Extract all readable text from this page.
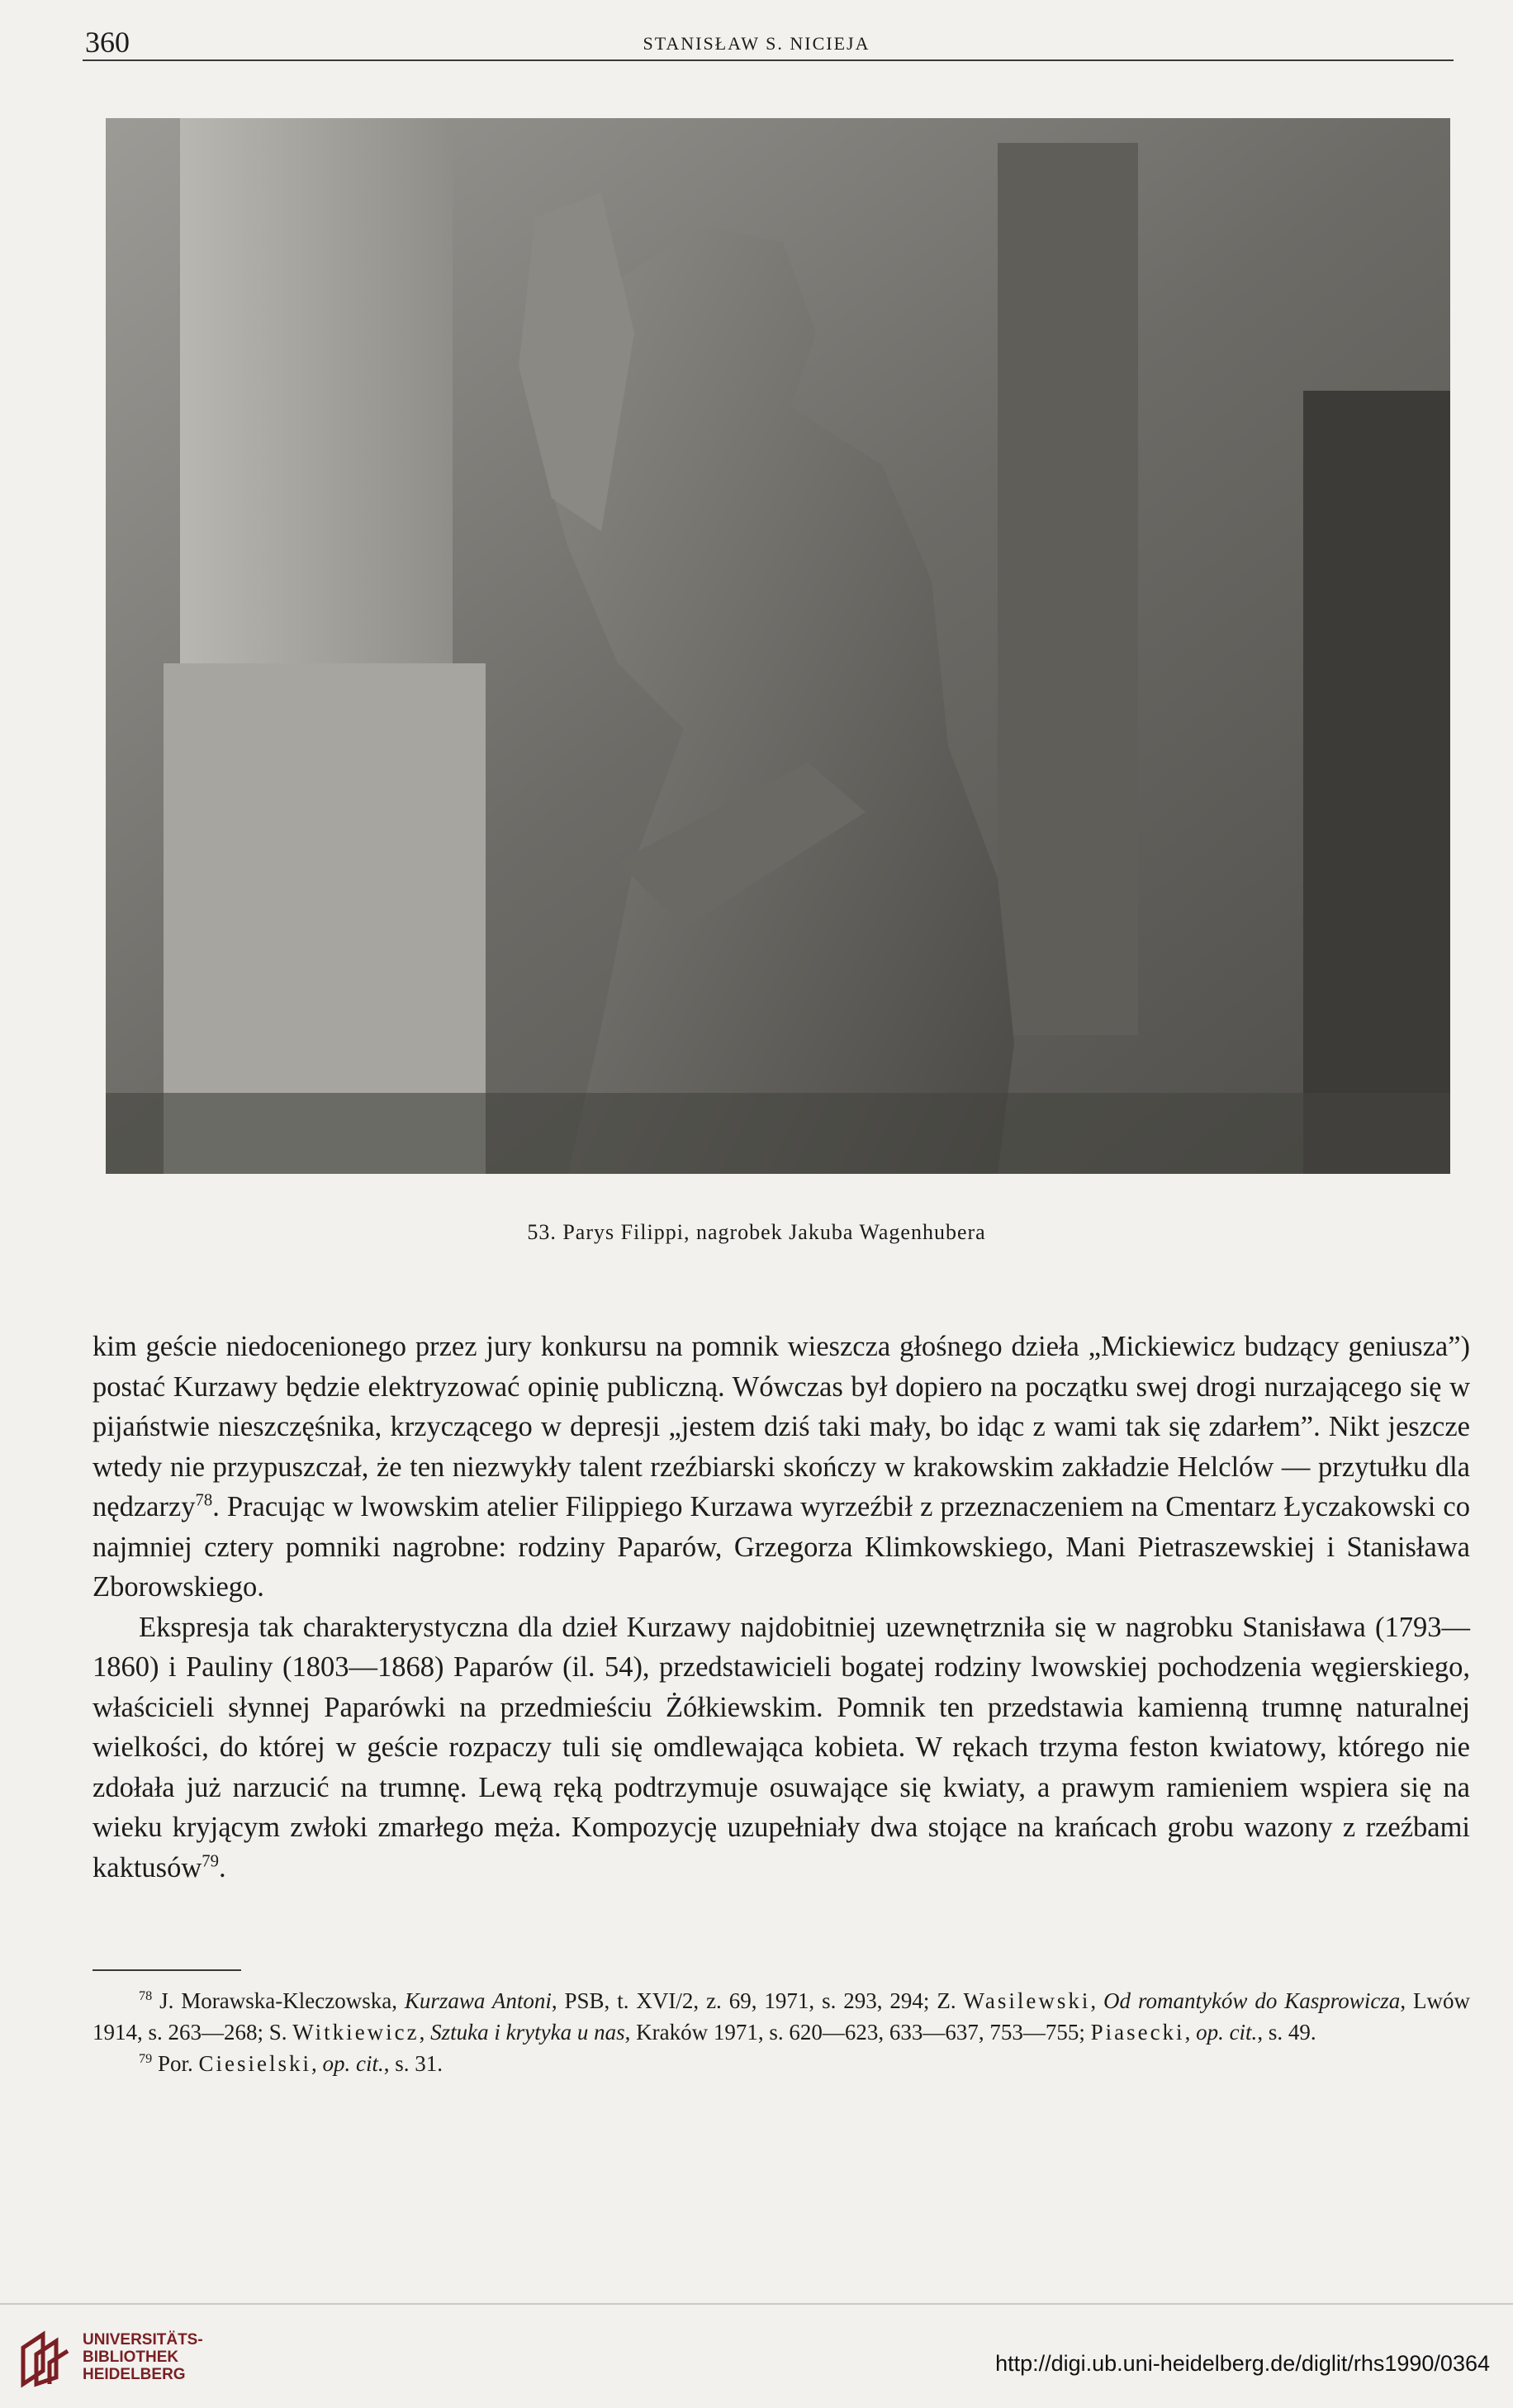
360	STANISŁAW S. NICIEJA
53. Parys Filippi, nagrobek Jakuba Wagenhubera

kim geście niedocenionego przez jury konkursu na pomnik wieszcza głośnego dzieła „Mickiewicz budzący geniusza”) postać Kurzawy będzie elektryzować opinię publiczną. Wówczas był dopiero na początku swej drogi nurzającego się w pijaństwie nieszczęśnika, krzyczącego w depresji „jestem dziś taki mały, bo idąc z wami tak się zdarłem”. Nikt jeszcze wtedy nie przypuszczał, że ten niezwykły talent rzeźbiarski skończy w krakowskim zakładzie Helclów — przytułku dla nędzarzy$^{78}$. Pracując w lwowskim atelier Filippiego Kurzawa wyrzeźbił z przeznaczeniem na Cmentarz Łyczakowski co najmniej cztery pomniki nagrobne: rodziny Paparów, Grzegorza Klimkowskiego, Mani Pietraszewskiej i Stanisława Zborowskiego.

Ekspresja tak charakterystyczna dla dzieł Kurzawy najdobitniej uzewnętrzniła się w nagrobku Stanisława (1793—1860) i Pauliny (1803—1868) Paparów (il. 54), przedstawicieli bogatej rodziny lwowskiej pochodzenia węgierskiego, właścicieli słynnej Paparówki na przedmieściu Żółkiewskim. Pomnik ten przedstawia kamienną trumnę naturalnej wielkości, do której w geście rozpaczy tuli się omdlewająca kobieta. W rękach trzyma feston kwiatowy, którego nie zdołała już narzucić na trumnę. Lewą ręką podtrzymuje osuwające się kwiaty, a prawym ramieniem wspiera się na wieku kryjącym zwłoki zmarłego męża. Kompozycję uzupełniały dwa stojące na krańcach grobu wazony z rzeźbami kaktusów$^{79}$.

$^{78}$ J. Morawska-Kleczowska, Kurzawa Antoni, PSB, t. XVI/2, z. 69, 1971, s. 293, 294; Z. Wasilewski, Od romantyków do Kasprowicza, Lwów 1914, s. 263—268; S. Witkiewicz, Sztuka i krytyka u nas, Kraków 1971, s. 620—623, 633—637, 753—755; Piasecki, op. cit., s. 49.

$^{79}$ Por. Ciesielski, op. cit., s. 31.

UNIVERSITÄTS-
BIBLIOTHEK
HEIDELBERG	http://digi.ub.uni-heidelberg.de/diglit/rhs1990/0364
